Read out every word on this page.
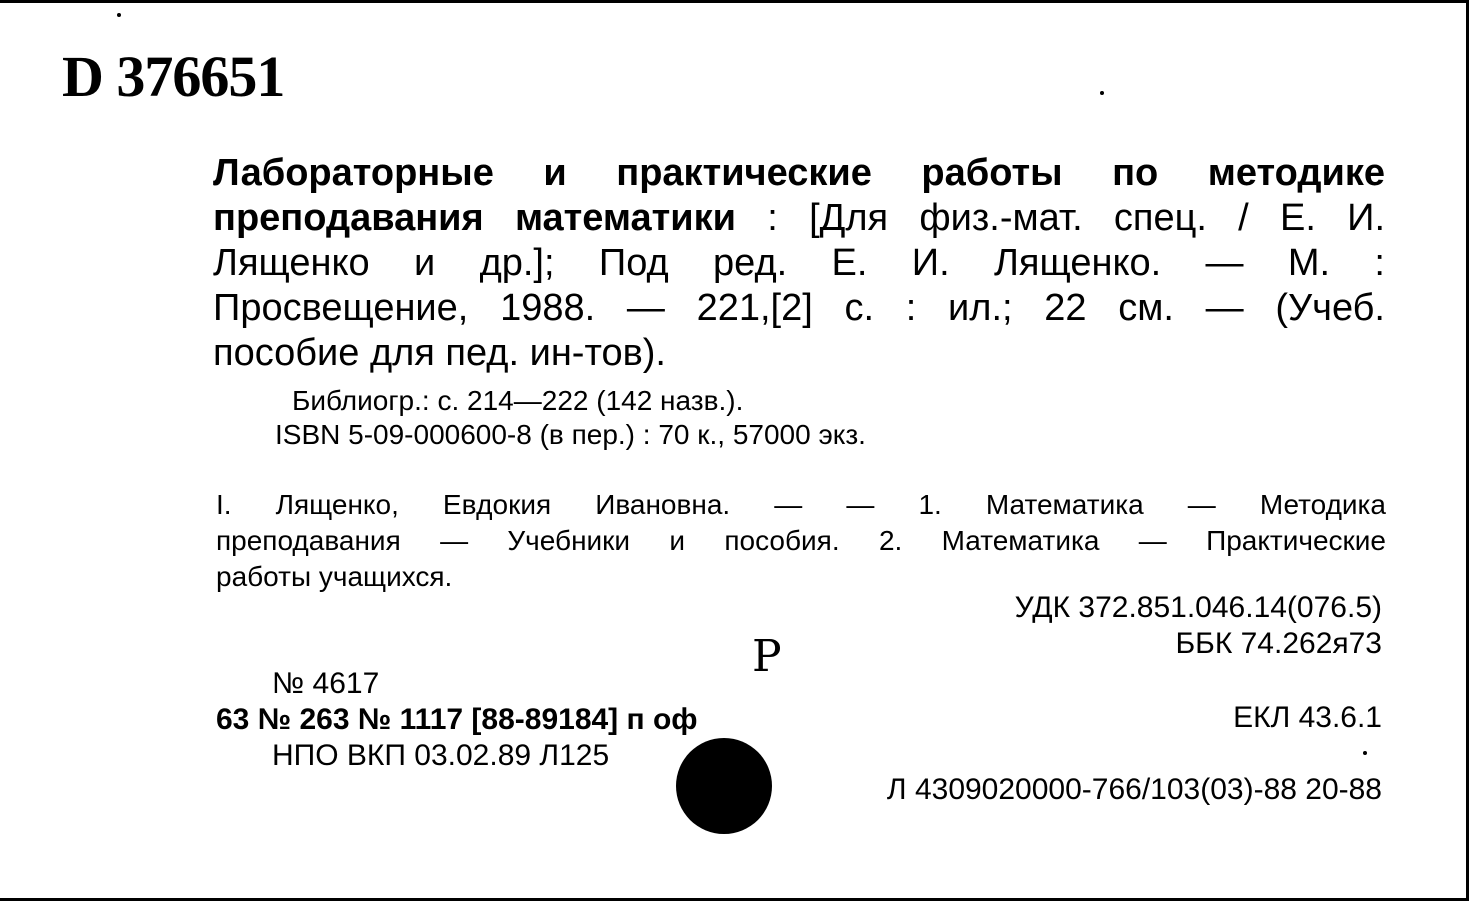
D 376651
Лабораторные и практические работы по методике
преподавания математики : [Для физ.-мат. спец. / Е. И.
Лященко и др.]; Под ред. Е. И. Лященко. — М. :
Просвещение, 1988. — 221,[2] с. : ил.; 22 см. — (Учеб.
пособие для пед. ин-тов).
Библиогр.: с. 214—222 (142 назв.).
ISBN 5-09-000600-8 (в пер.) : 70 к., 57000 экз.
I. Лященко, Евдокия Ивановна. — — 1. Математика — Методика
преподавания — Учебники и пособия. 2. Математика — Практические
работы учащихся.
УДК 372.851.046.14(076.5)
ББК 74.262я73
Р
№ 4617
63 № 263 № 1117 [88-89184] п оф
НПО ВКП 03.02.89 Л125
ЕКЛ 43.6.1
Л 4309020000-766/103(03)-88 20-88
